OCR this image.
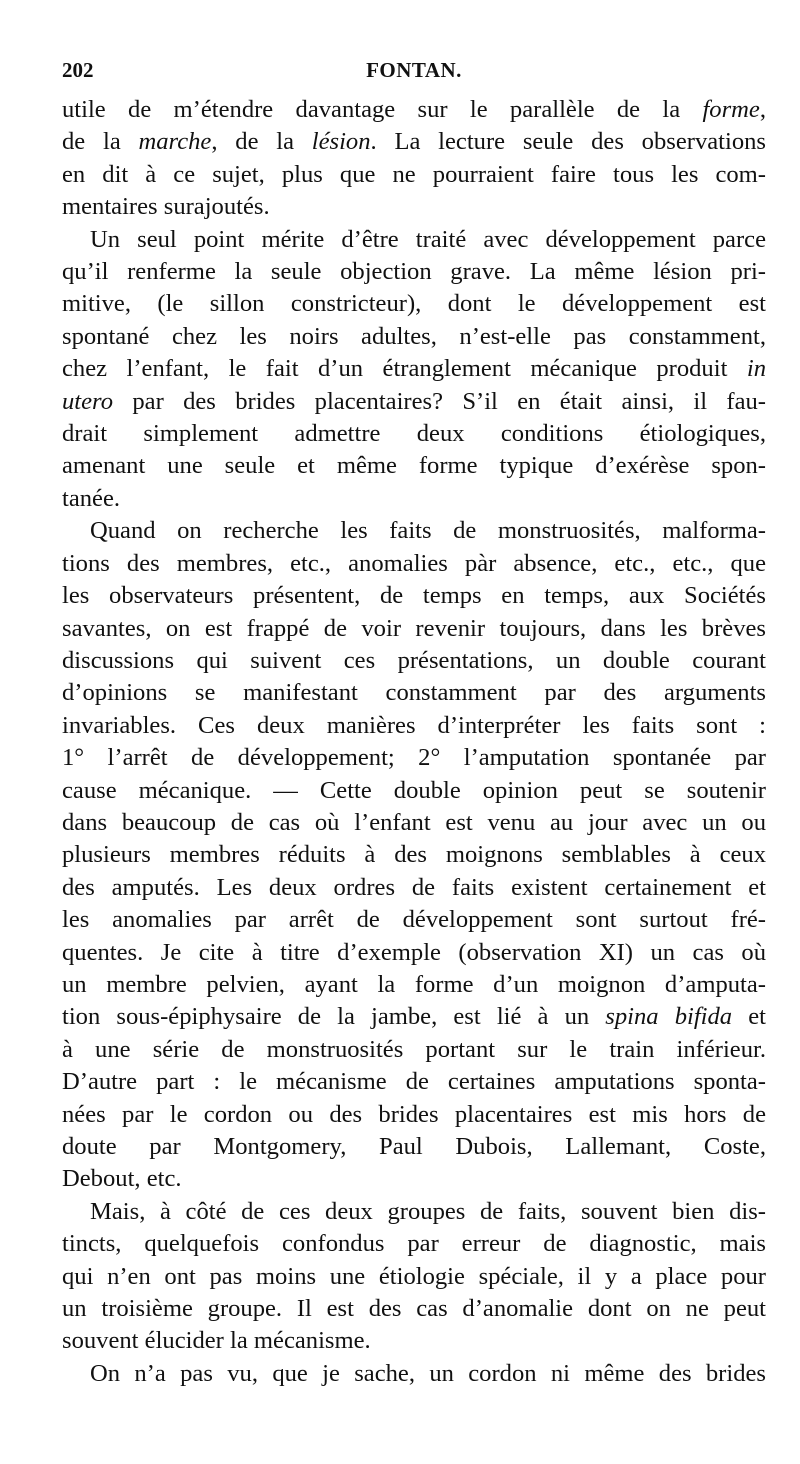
202	FONTAN.
utile de m’étendre davantage sur le parallèle de la forme,
de la marche, de la lésion. La lecture seule des observations
en dit à ce sujet, plus que ne pourraient faire tous les com-
mentaires surajoutés.
Un seul point mérite d’être traité avec développement parce
qu’il renferme la seule objection grave. La même lésion pri-
mitive, (le sillon constricteur), dont le développement est
spontané chez les noirs adultes, n’est-elle pas constamment,
chez l’enfant, le fait d’un étranglement mécanique produit in
utero par des brides placentaires? S’il en était ainsi, il fau-
drait simplement admettre deux conditions étiologiques,
amenant une seule et même forme typique d’exérèse spon-
tanée.
Quand on recherche les faits de monstruosités, malforma-
tions des membres, etc., anomalies pàr absence, etc., etc., que
les observateurs présentent, de temps en temps, aux Sociétés
savantes, on est frappé de voir revenir toujours, dans les brèves
discussions qui suivent ces présentations, un double courant
d’opinions se manifestant constamment par des arguments
invariables. Ces deux manières d’interpréter les faits sont :
1° l’arrêt de développement; 2° l’amputation spontanée par
cause mécanique. — Cette double opinion peut se soutenir
dans beaucoup de cas où l’enfant est venu au jour avec un ou
plusieurs membres réduits à des moignons semblables à ceux
des amputés. Les deux ordres de faits existent certainement et
les anomalies par arrêt de développement sont surtout fré-
quentes. Je cite à titre d’exemple (observation XI) un cas où
un membre pelvien, ayant la forme d’un moignon d’amputa-
tion sous-épiphysaire de la jambe, est lié à un spina bifida et
à une série de monstruosités portant sur le train inférieur.
D’autre part : le mécanisme de certaines amputations sponta-
nées par le cordon ou des brides placentaires est mis hors de
doute par Montgomery, Paul Dubois, Lallemant, Coste,
Debout, etc.
Mais, à côté de ces deux groupes de faits, souvent bien dis-
tincts, quelquefois confondus par erreur de diagnostic, mais
qui n’en ont pas moins une étiologie spéciale, il y a place pour
un troisième groupe. Il est des cas d’anomalie dont on ne peut
souvent élucider la mécanisme.
On n’a pas vu, que je sache, un cordon ni même des brides
